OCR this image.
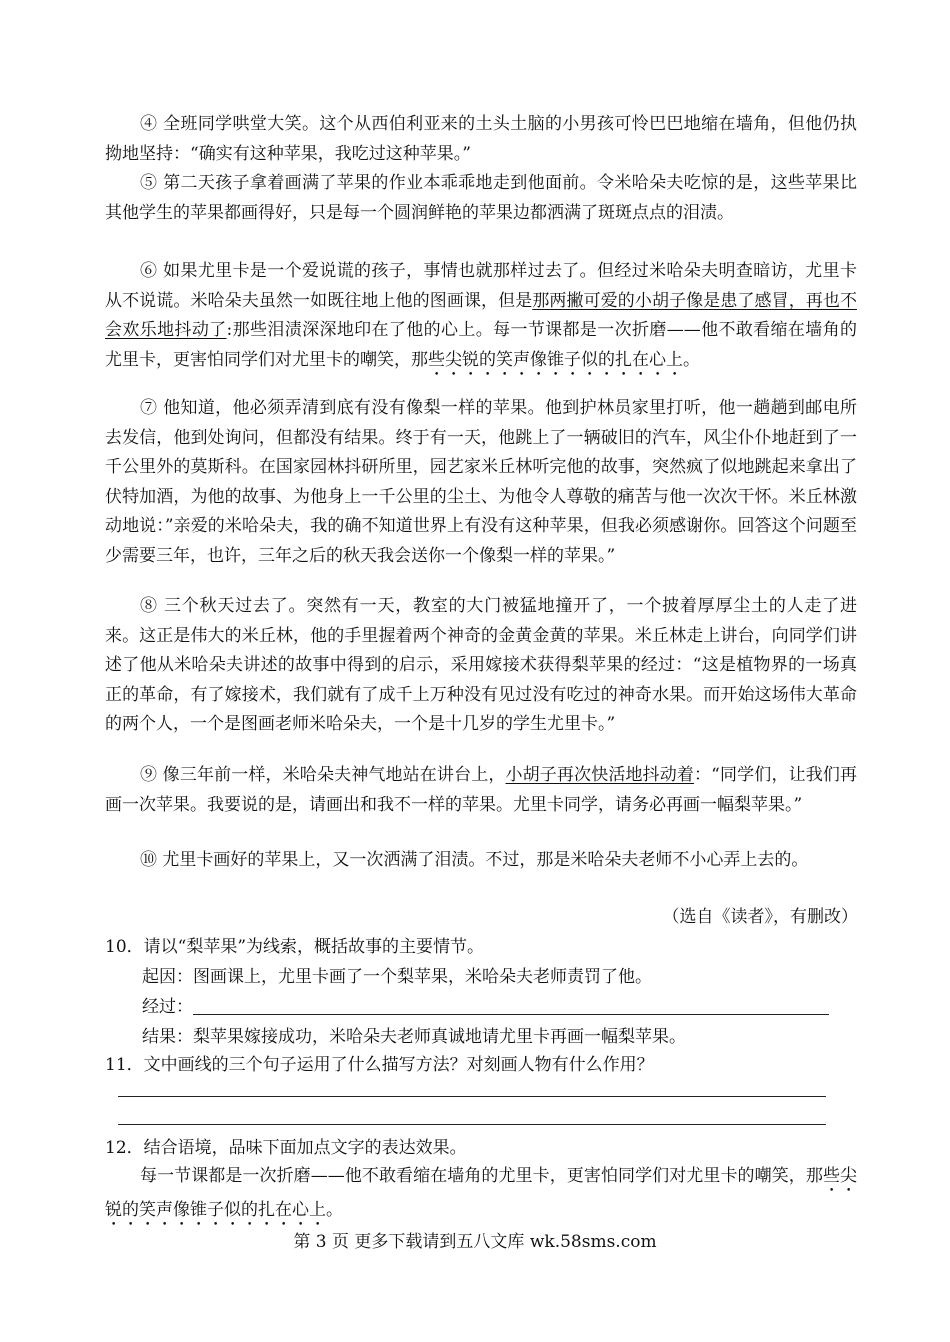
④ 全班同学哄堂大笑。这个从西伯利亚来的土头土脑的小男孩可怜巴巴地缩在墙角，但他仍执拗地坚持：“确实有这种苹果，我吃过这种苹果。”

⑤ 第二天孩子拿着画满了苹果的作业本乖乖地走到他面前。令米哈朵夫吃惊的是，这些苹果比其他学生的苹果都画得好，只是每一个圆润鲜艳的苹果边都洒满了斑斑点点的泪渍。

⑥ 如果尤里卡是一个爱说谎的孩子，事情也就那样过去了。但经过米哈朵夫明查暗访，尤里卡从不说谎。米哈朵夫虽然一如既往地上他的图画课，但是那两撇可爱的小胡子像是患了感冒，再也不会欢乐地抖动了:那些泪渍深深地印在了他的心上。每一节课都是一次折磨——他不敢看缩在墙角的尤里卡，更害怕同学们对尤里卡的嘲笑，那些尖锐的笑声像锥子似的扎在心上。

⑦ 他知道，他必须弄清到底有没有像梨一样的苹果。他到护林员家里打听，他一趟趟到邮电所去发信，他到处询问，但都没有结果。终于有一天，他跳上了一辆破旧的汽车，风尘仆仆地赶到了一千公里外的莫斯科。在国家园林抖研所里，园艺家米丘林听完他的故事，突然疯了似地跳起来拿出了伏特加酒，为他的故事、为他身上一千公里的尘土、为他令人尊敬的痛苦与他一次次干怀。米丘林激动地说：”亲爱的米哈朵夫，我的确不知道世界上有没有这种苹果，但我必须感谢你。回答这个问题至少需要三年，也许，三年之后的秋天我会送你一个像梨一样的苹果。”

⑧ 三个秋天过去了。突然有一天，教室的大门被猛地撞开了，一个披着厚厚尘土的人走了进来。这正是伟大的米丘林，他的手里握着两个神奇的金黄金黄的苹果。米丘林走上讲台，向同学们讲述了他从米哈朵夫讲述的故事中得到的启示，采用嫁接术获得梨苹果的经过：“这是植物界的一场真正的革命，有了嫁接术，我们就有了成千上万种没有见过没有吃过的神奇水果。而开始这场伟大革命的两个人，一个是图画老师米哈朵夫，一个是十几岁的学生尤里卡。”

⑨ 像三年前一样，米哈朵夫神气地站在讲台上，小胡子再次快活地抖动着：“同学们，让我们再画一次苹果。我要说的是，请画出和我不一样的苹果。尤里卡同学，请务必再画一幅梨苹果。”

⑩ 尤里卡画好的苹果上，又一次洒满了泪渍。不过，那是米哈朵夫老师不小心弄上去的。

（选自《读者》，有删改）
10．请以“梨苹果”为线索，概括故事的主要情节。
起因：图画课上，尤里卡画了一个梨苹果，米哈朵夫老师责罚了他。
经过：
结果：梨苹果嫁接成功，米哈朵夫老师真诚地请尤里卡再画一幅梨苹果。
11．文中画线的三个句子运用了什么描写方法？对刻画人物有什么作用？
12．结合语境，品味下面加点文字的表达效果。

每一节课都是一次折磨——他不敢看缩在墙角的尤里卡，更害怕同学们对尤里卡的嘲笑，那些尖锐的笑声像锥子似的扎在心上。

第 3 页 更多下载请到五八文库 wk.58sms.com
